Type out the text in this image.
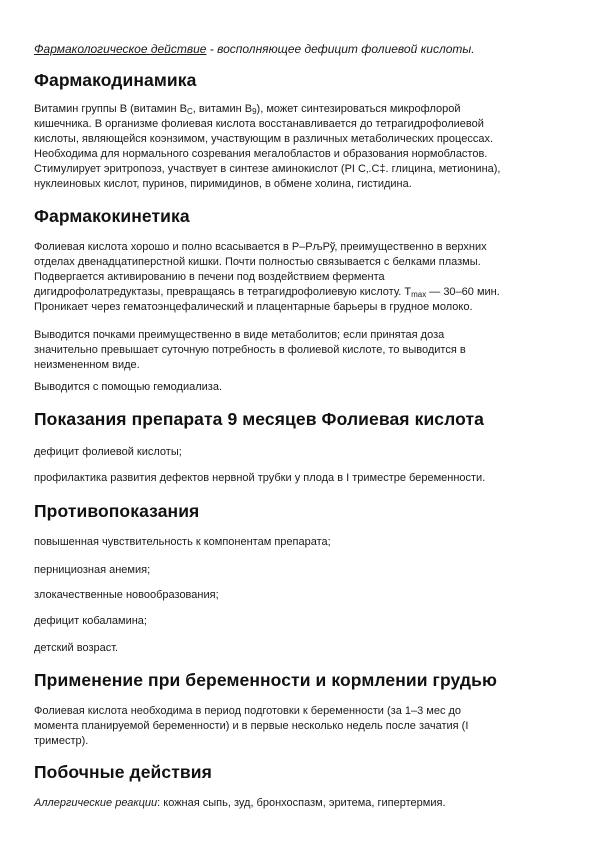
Фармакологическое действие - восполняющее дефицит фолиевой кислоты.
Фармакодинамика
Витамин группы В (витамин $В_С$, витамин $В_9$), может синтезироваться микрофлорой
кишечника. В организме фолиевая кислота восстанавливается до тетрагидрофолиевой
кислоты, являющейся коэнзимом, участвующим в различных метаболических процессах.
Необходима для нормального созревания мегалобластов и образования нормобластов.
Стимулирует эритропоэз, участвует в синтезе аминокислот (РІ С‚.С‡. глицина, метионина),
нуклеиновых кислот, пуринов, пиримидинов, в обмене холина, гистидина.
Фармакокинетика
Фолиевая кислота хорошо и полно всасывается в Р–РљРў, преимущественно в верхних
отделах двенадцатиперстной кишки. Почти полностью связывается с белками плазмы.
Подвергается активированию в печени под воздействием фермента
дигидрофолатредуктазы, превращаясь в тетрагидрофолиевую кислоту. $T_{max}$ — 30–60 мин.
Проникает через гематоэнцефалический и плацентарные барьеры в грудное молоко.
Выводится почками преимущественно в виде метаболитов; если принятая доза
значительно превышает суточную потребность в фолиевой кислоте, то выводится в
неизмененном виде.
Выводится с помощью гемодиализа.
Показания препарата 9 месяцев Фолиевая кислота
дефицит фолиевой кислоты;
профилактика развития дефектов нервной трубки у плода в I триместре беременности.
Противопоказания
повышенная чувствительность к компонентам препарата;
пернициозная анемия;
злокачественные новообразования;
дефицит кобаламина;
детский возраст.
Применение при беременности и кормлении грудью
Фолиевая кислота необходима в период подготовки к беременности (за 1–3 мес до
момента планируемой беременности) и в первые несколько недель после зачатия (I
триместр).
Побочные действия
Аллергические реакции: кожная сыпь, зуд, бронхоспазм, эритема, гипертермия.
